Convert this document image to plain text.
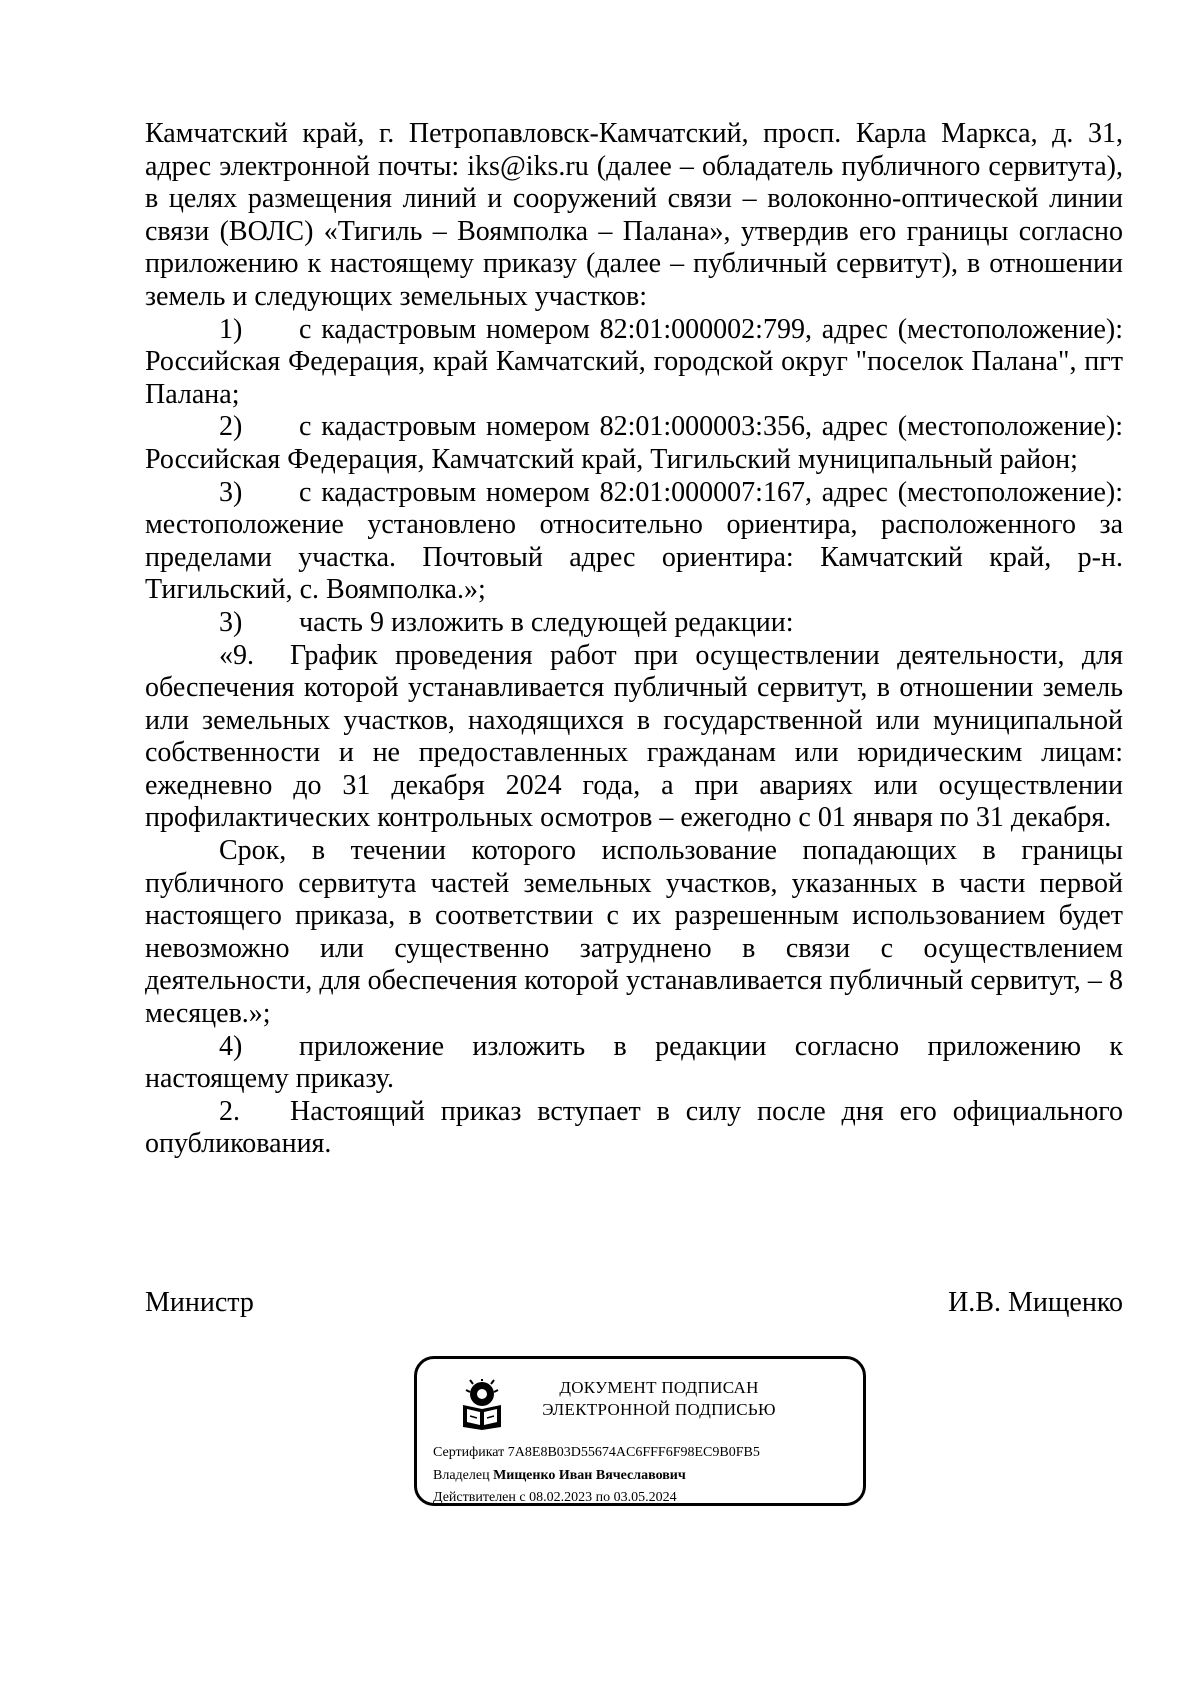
Камчатский край, г. Петропавловск-Камчатский, просп. Карла Маркса, д. 31, адрес электронной почты: iks@iks.ru (далее – обладатель публичного сервитута), в целях размещения линий и сооружений связи – волоконно-оптической линии связи (ВОЛС) «Тигиль – Воямполка – Палана», утвердив его границы согласно приложению к настоящему приказу (далее – публичный сервитут), в отношении земель и следующих земельных участков:

1) с кадастровым номером 82:01:000002:799, адрес (местоположение): Российская Федерация, край Камчатский, городской округ "поселок Палана", пгт Палана;

2) с кадастровым номером 82:01:000003:356, адрес (местоположение): Российская Федерация, Камчатский край, Тигильский муниципальный район;

3) с кадастровым номером 82:01:000007:167, адрес (местоположение): местоположение установлено относительно ориентира, расположенного за пределами участка. Почтовый адрес ориентира: Камчатский край, р-н. Тигильский, с. Воямполка.»;

3) часть 9 изложить в следующей редакции:

«9. График проведения работ при осуществлении деятельности, для обеспечения которой устанавливается публичный сервитут, в отношении земель или земельных участков, находящихся в государственной или муниципальной собственности и не предоставленных гражданам или юридическим лицам: ежедневно до 31 декабря 2024 года, а при авариях или осуществлении профилактических контрольных осмотров – ежегодно с 01 января по 31 декабря.

Срок, в течении которого использование попадающих в границы публичного сервитута частей земельных участков, указанных в части первой настоящего приказа, в соответствии с их разрешенным использованием будет невозможно или существенно затруднено в связи с осуществлением деятельности, для обеспечения которой устанавливается публичный сервитут, – 8 месяцев.»;

4) приложение изложить в редакции согласно приложению к настоящему приказу.

2. Настоящий приказ вступает в силу после дня его официального опубликования.

Министр	И.В. Мищенко
ДОКУМЕНТ ПОДПИСАН
ЭЛЕКТРОННОЙ ПОДПИСЬЮ
Сертификат 7A8E8B03D55674AC6FFF6F98EC9B0FB5
Владелец Мищенко Иван Вячеславович
Действителен с 08.02.2023 по 03.05.2024
